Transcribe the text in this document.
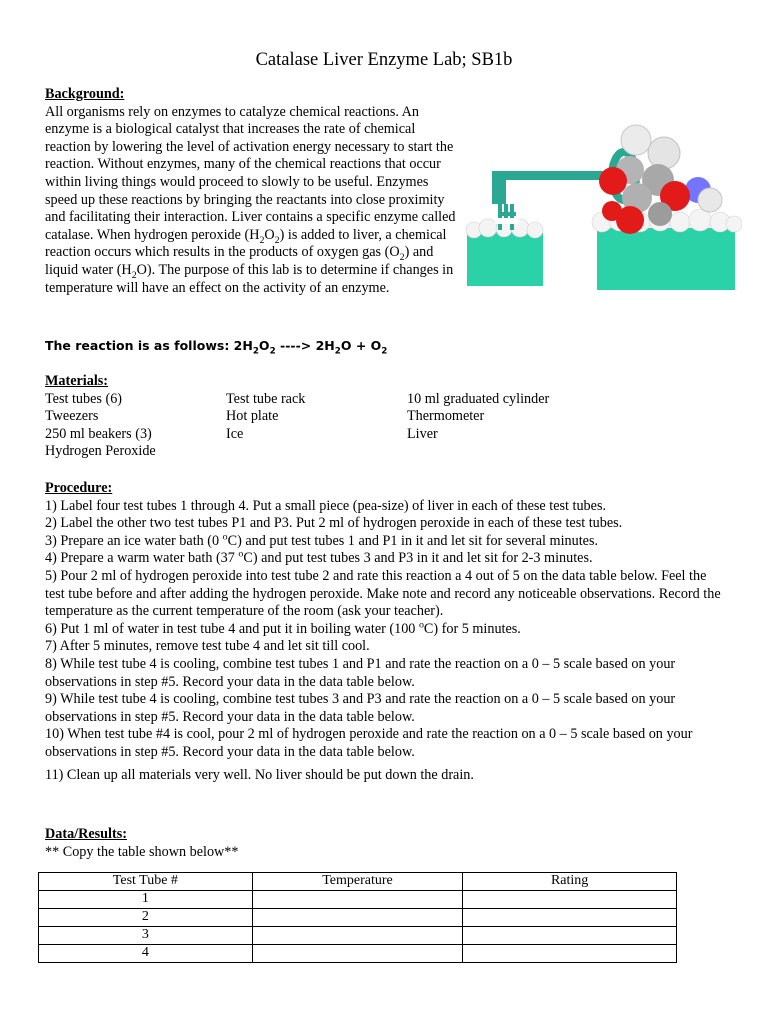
Catalase Liver Enzyme Lab; SB1b
Background:

All organisms rely on enzymes to catalyze chemical reactions. An enzyme is a biological catalyst that increases the rate of chemical reaction by lowering the level of activation energy necessary to start the reaction. Without enzymes, many of the chemical reactions that occur within living things would proceed to slowly to be useful. Enzymes speed up these reactions by bringing the reactants into close proximity and facilitating their interaction. Liver contains a specific enzyme called catalase. When hydrogen peroxide $(H_2O_2)$ is added to liver, a chemical reaction occurs which results in the products of oxygen gas $(O_2)$ and liquid water $(H_2O)$. The purpose of this lab is to determine if changes in temperature will have an effect on the activity of an enzyme.

The reaction is as follows: $2H_2O_2$ ----> $2H_2O + O_2$
Materials:
Test tubes (6)	Test tube rack	10 ml graduated cylinder
Tweezers	Hot plate	Thermometer
250 ml beakers (3)	Ice	Liver
Hydrogen Peroxide
Procedure:

1) Label four test tubes 1 through 4. Put a small piece (pea-size) of liver in each of these test tubes.

2) Label the other two test tubes P1 and P3. Put 2 ml of hydrogen peroxide in each of these test tubes.

3) Prepare an ice water bath (0 $^o$C) and put test tubes 1 and P1 in it and let sit for several minutes.

4) Prepare a warm water bath (37 $^o$C) and put test tubes 3 and P3 in it and let sit for 2-3 minutes.

5) Pour 2 ml of hydrogen peroxide into test tube 2 and rate this reaction a 4 out of 5 on the data table below. Feel the test tube before and after adding the hydrogen peroxide. Make note and record any noticeable observations. Record the temperature as the current temperature of the room (ask your teacher).

6) Put 1 ml of water in test tube 4 and put it in boiling water (100 $^o$C) for 5 minutes.

7) After 5 minutes, remove test tube 4 and let sit till cool.

8) While test tube 4 is cooling, combine test tubes 1 and P1 and rate the reaction on a 0 – 5 scale based on your observations in step #5. Record your data in the data table below.

9) While test tube 4 is cooling, combine test tubes 3 and P3 and rate the reaction on a 0 – 5 scale based on your observations in step #5. Record your data in the data table below.

10) When test tube #4 is cool, pour 2 ml of hydrogen peroxide and rate the reaction on a 0 – 5 scale based on your observations in step #5. Record your data in the data table below.

11) Clean up all materials very well. No liver should be put down the drain.

Data/Results:
** Copy the table shown below**
Test Tube #	Temperature	Rating
1		
2		
3		
4		
